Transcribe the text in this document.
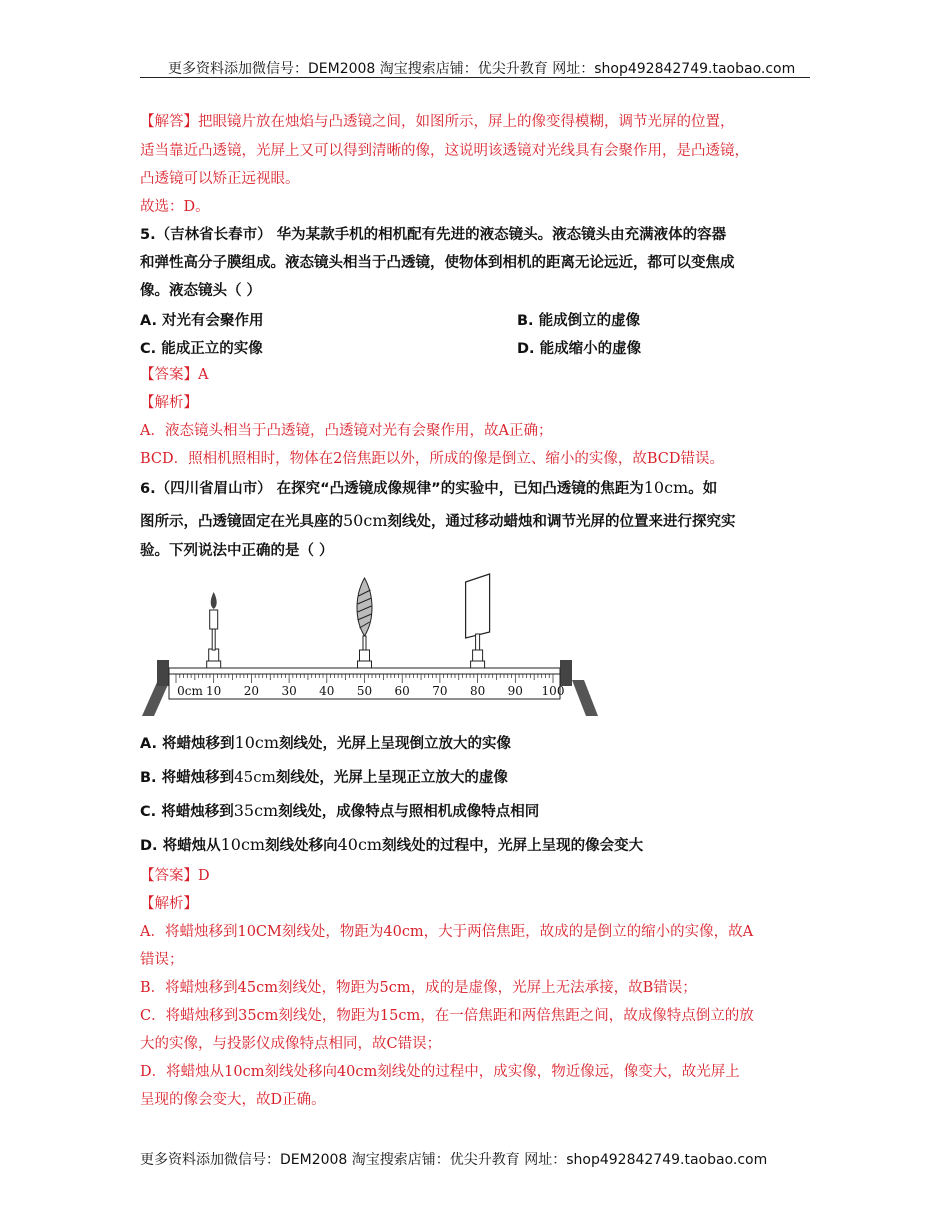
更多资料添加微信号：DEM2008 淘宝搜索店铺：优尖升教育 网址：shop492842749.taobao.com
【解答】把眼镜片放在烛焰与凸透镜之间，如图所示，屏上的像变得模糊，调节光屏的位置，
适当靠近凸透镜，光屏上又可以得到清晰的像，这说明该透镜对光线具有会聚作用，是凸透镜，
凸透镜可以矫正远视眼。
故选：D。
5.（吉林省长春市） 华为某款手机的相机配有先进的液态镜头。液态镜头由充满液体的容器
和弹性高分子膜组成。液态镜头相当于凸透镜，使物体到相机的距离无论远近，都可以变焦成
像。液态镜头（ ）
A. 对光有会聚作用	B. 能成倒立的虚像
C. 能成正立的实像	D. 能成缩小的虚像
【答案】A
【解析】
A．液态镜头相当于凸透镜，凸透镜对光有会聚作用，故A正确；
BCD．照相机照相时，物体在2倍焦距以外，所成的像是倒立、缩小的实像，故BCD错误。
6.（四川省眉山市） 在探究“凸透镜成像规律”的实验中，已知凸透镜的焦距为10cm。如
图所示，凸透镜固定在光具座的50cm刻线处，通过移动蜡烛和调节光屏的位置来进行探究实
验。下列说法中正确的是（ ）
0cm 10 20 30 40 50 60 70 80 90 100
A. 将蜡烛移到10cm刻线处，光屏上呈现倒立放大的实像
B. 将蜡烛移到45cm刻线处，光屏上呈现正立放大的虚像
C. 将蜡烛移到35cm刻线处，成像特点与照相机成像特点相同
D. 将蜡烛从10cm刻线处移向40cm刻线处的过程中，光屏上呈现的像会变大
【答案】D
【解析】
A．将蜡烛移到10CM刻线处，物距为40cm，大于两倍焦距，故成的是倒立的缩小的实像，故A
错误；
B．将蜡烛移到45cm刻线处，物距为5cm，成的是虚像，光屏上无法承接，故B错误；
C．将蜡烛移到35cm刻线处，物距为15cm，在一倍焦距和两倍焦距之间，故成像特点倒立的放
大的实像，与投影仪成像特点相同，故C错误；
D．将蜡烛从10cm刻线处移向40cm刻线处的过程中，成实像，物近像远，像变大，故光屏上
呈现的像会变大，故D正确。
更多资料添加微信号：DEM2008 淘宝搜索店铺：优尖升教育 网址：shop492842749.taobao.com
